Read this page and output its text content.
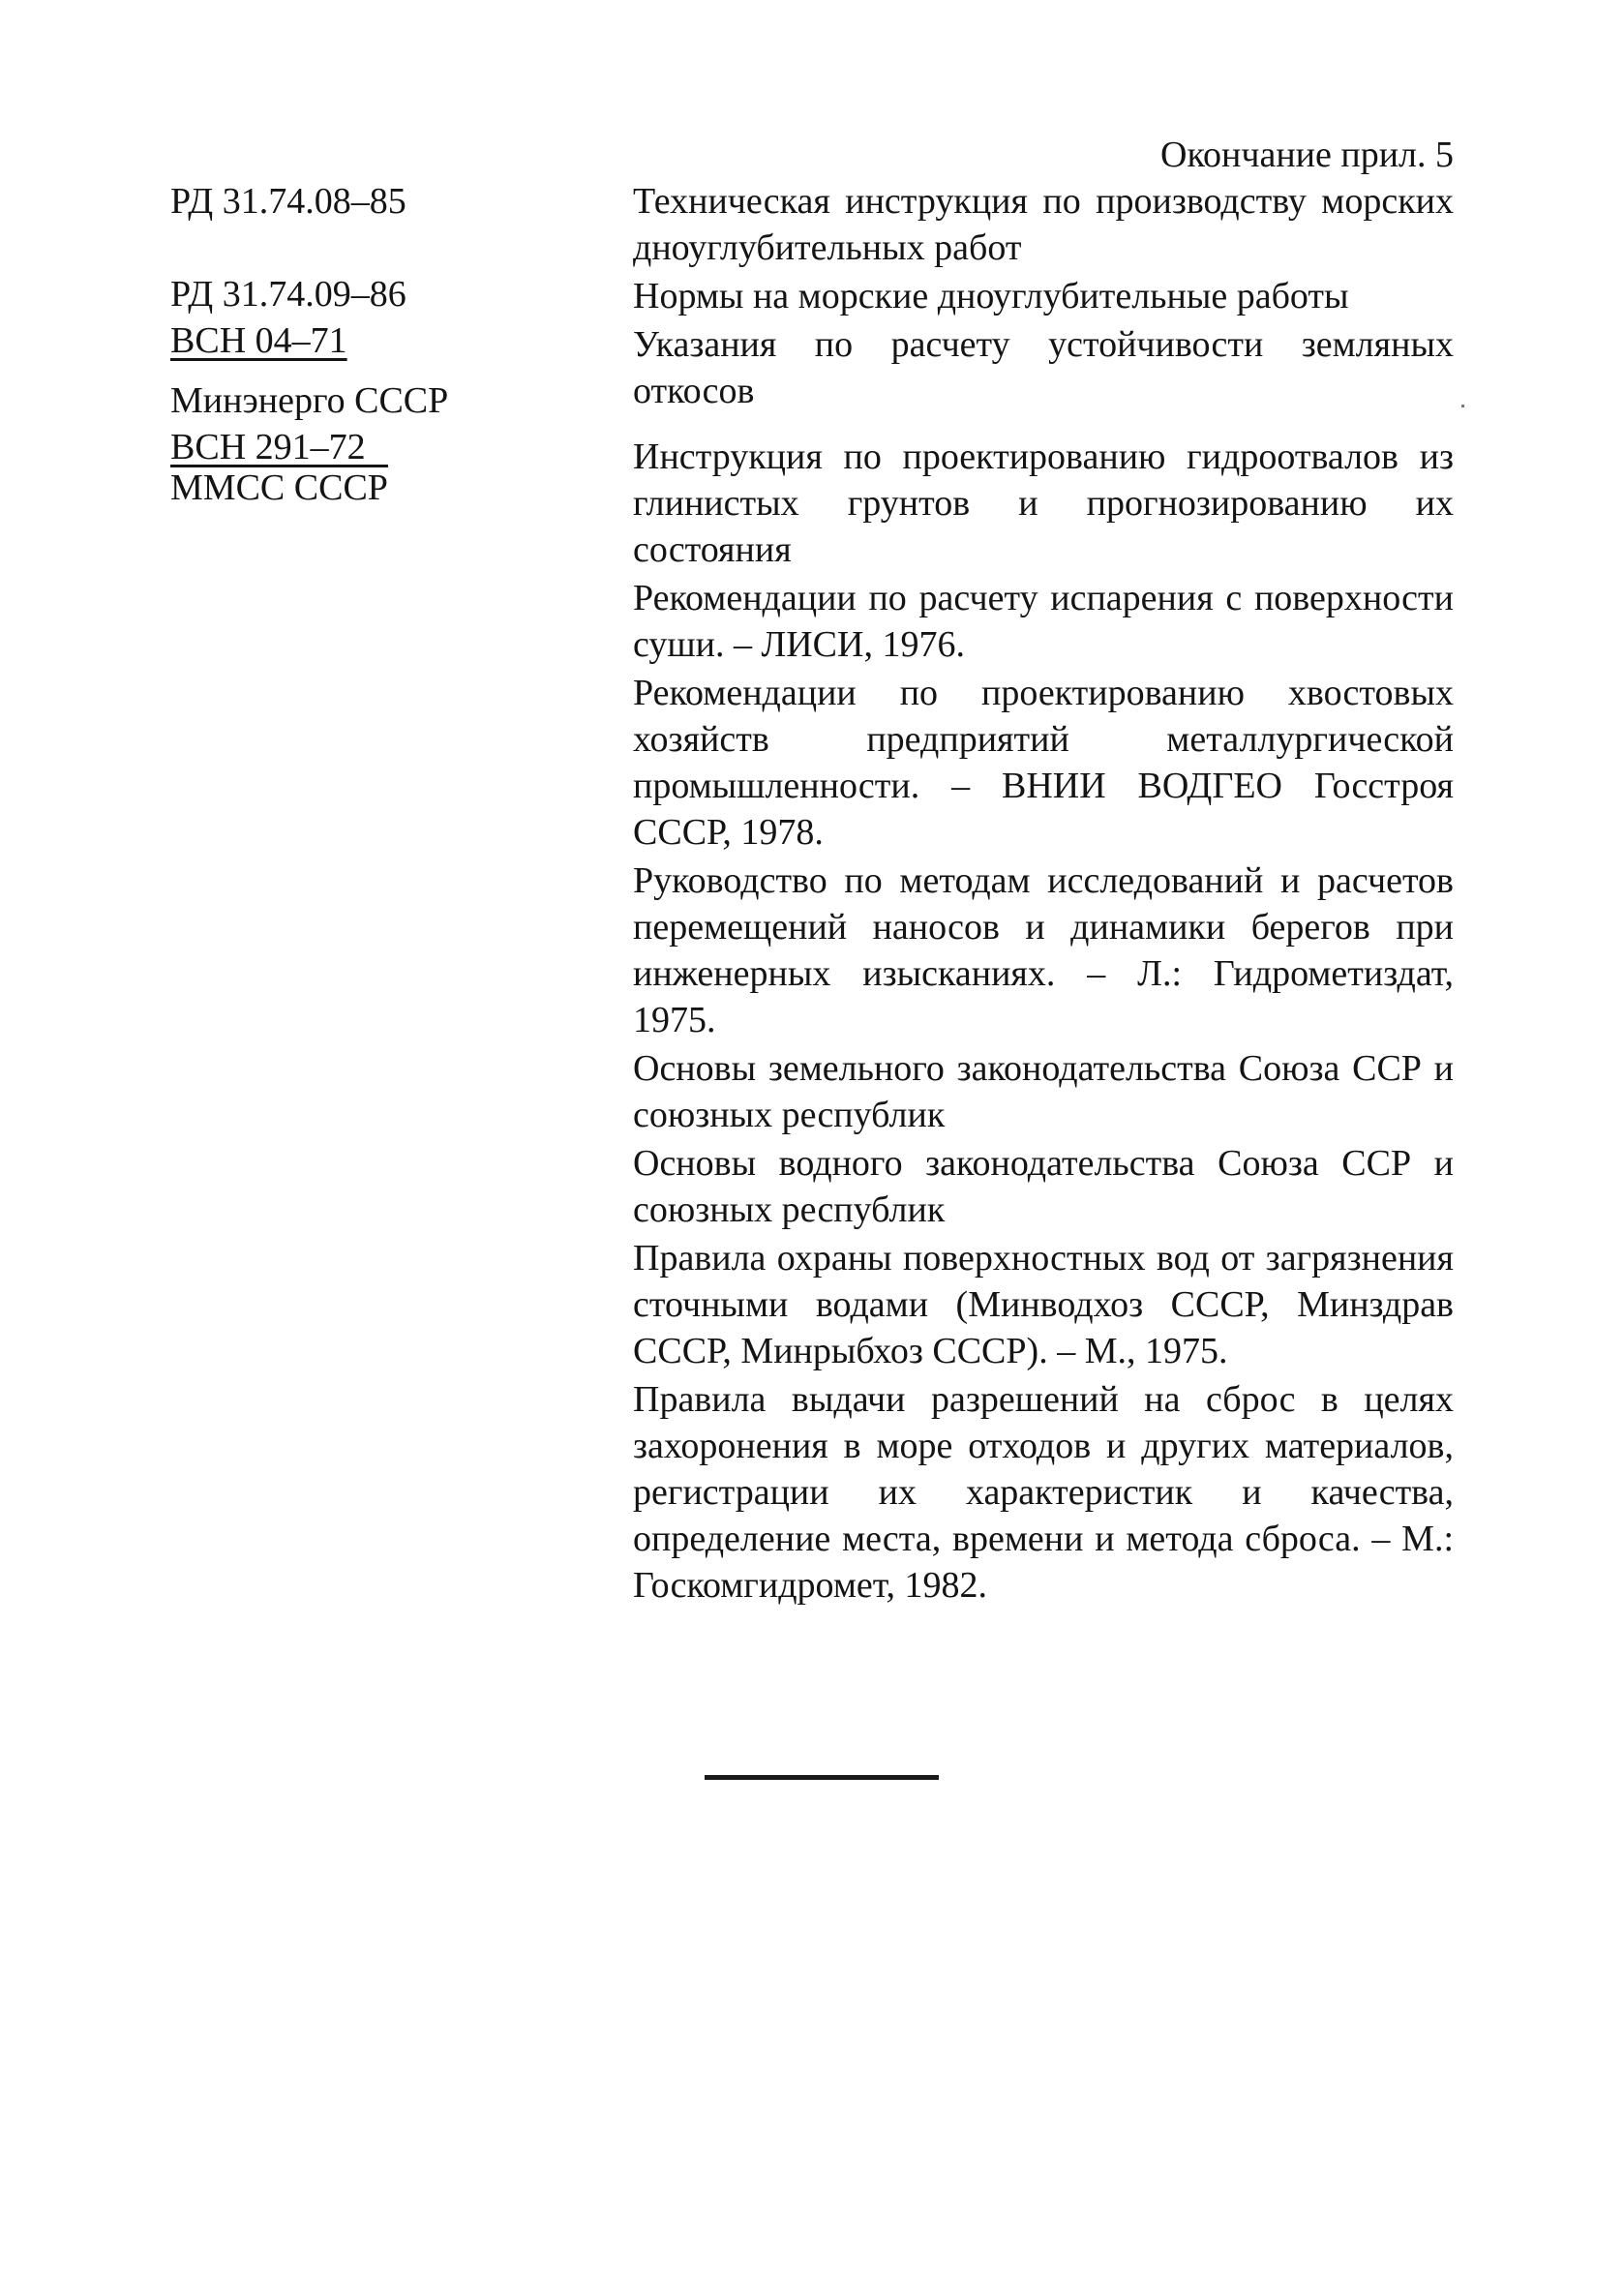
Окончание прил. 5
РД 31.74.08–85
РД 31.74.09–86
ВСН 04–71
Минэнерго СССР
ВСН 291–72
ММСС СССР

Техническая инструкция по производству морских дноуглубительных работ

Нормы на морские дноуглубительные работы

Указания по расчету устойчивости земляных откосов

Инструкция по проектированию гидроотвалов из глинистых грунтов и прогнозированию их состояния

Рекомендации по расчету испарения с поверхности суши. – ЛИСИ, 1976.

Рекомендации по проектированию хвостовых хозяйств предприятий металлургической промышленности. – ВНИИ ВОДГЕО Госстроя СССР, 1978.

Руководство по методам исследований и расчетов перемещений наносов и динамики берегов при инженерных изысканиях. – Л.: Гидрометиздат, 1975.

Основы земельного законодательства Союза ССР и союзных республик

Основы водного законодательства Союза ССР и союзных республик

Правила охраны поверхностных вод от загрязнения сточными водами (Минводхоз СССР, Минздрав СССР, Минрыбхоз СССР). – М., 1975.

Правила выдачи разрешений на сброс в целях захоронения в море отходов и других материалов, регистрации их характеристик и качества, определение места, времени и метода сброса. – М.: Госкомгидромет, 1982.
